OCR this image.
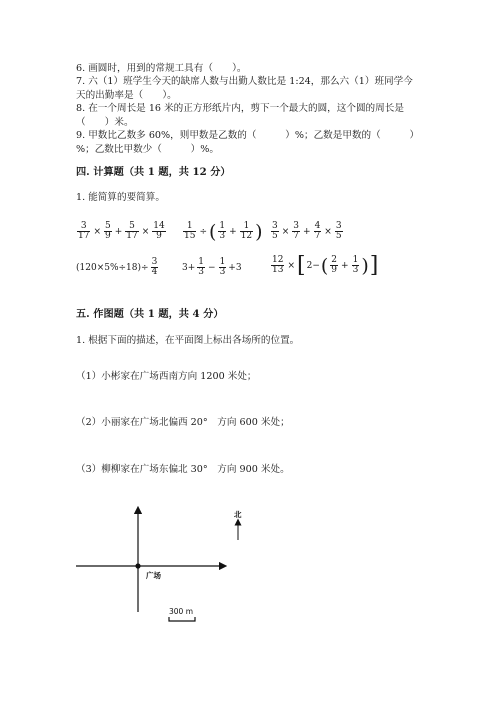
6. 画圆时，用到的常规工具有（　　）。
7. 六（1）班学生今天的缺席人数与出勤人数比是 1:24，那么六（1）班同学今
天的出勤率是（　　）。
8. 在一个周长是 16 米的正方形纸片内，剪下一个最大的圆，这个圆的周长是
（　　）米。
9. 甲数比乙数多 60%，则甲数是乙数的（　　　）%；乙数是甲数的（　　　）
%；乙数比甲数少（　　　）%。
四. 计算题（共 1 题，共 12 分）
1. 能简算的要简算。
$\frac{3}{17} \times \frac{5}{9} + \frac{5}{17} \times \frac{14}{9} \frac{1}{15}$ ÷ ( $\frac{1}{3} + \frac{1}{12}$ ) $\frac{3}{5} \times \frac{3}{7} + \frac{4}{7} \times \frac{3}{5}$
$(120\times 5\%\div 18)\div \frac{3}{4}$	$3+ \frac{1}{3} - \frac{1}{3} +3$	$\frac{12}{13}$ × [ 2− ( $\frac{2}{9} + \frac{1}{3}$ ) ]
五. 作图题（共 1 题，共 4 分）
1. 根据下面的描述，在平面图上标出各场所的位置。
（1）小彬家在广场西南方向 1200 米处；
（2）小丽家在广场北偏西 20°　方向 600 米处；
（3）柳柳家在广场东偏北 30°　方向 900 米处。
广场
北
300 m
